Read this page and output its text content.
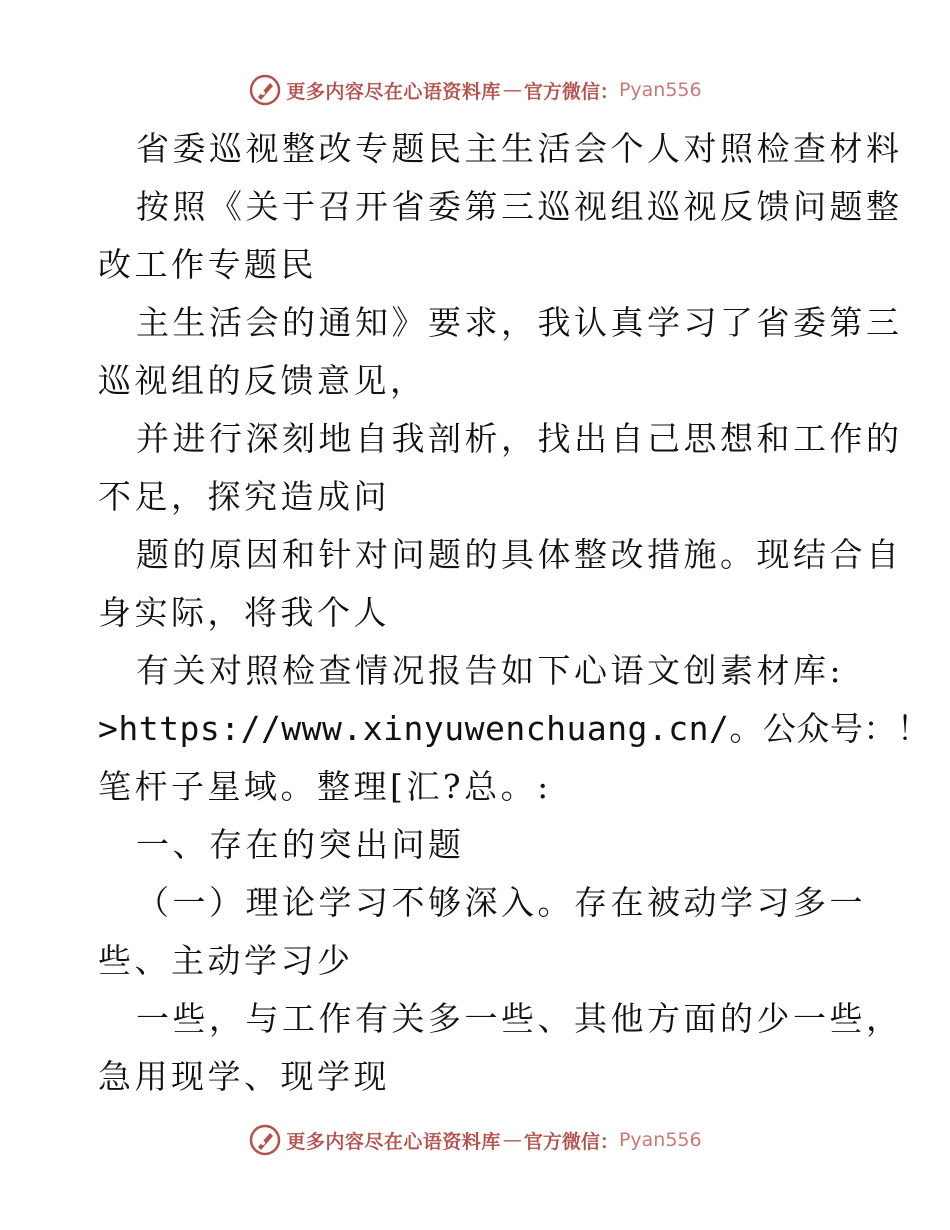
更多内容尽在心语资料库 — 官方微信： Pyan556
省委巡视整改专题民主生活会个人对照检查材料
按照《关于召开省委第三巡视组巡视反馈问题整
改工作专题民
主生活会的通知》要求，我认真学习了省委第三
巡视组的反馈意见，
并进行深刻地自我剖析，找出自己思想和工作的
不足，探究造成问
题的原因和针对问题的具体整改措施。现结合自
身实际，将我个人
有关对照检查情况报告如下心语文创素材库:
>https://www.xinyuwenchuang.cn/。公众号：！
笔杆子星域。整理[汇?总。:
一、存在的突出问题
（一）理论学习不够深入。存在被动学习多一
些、主动学习少
一些，与工作有关多一些、其他方面的少一些，
急用现学、现学现
更多内容尽在心语资料库 — 官方微信： Pyan556
